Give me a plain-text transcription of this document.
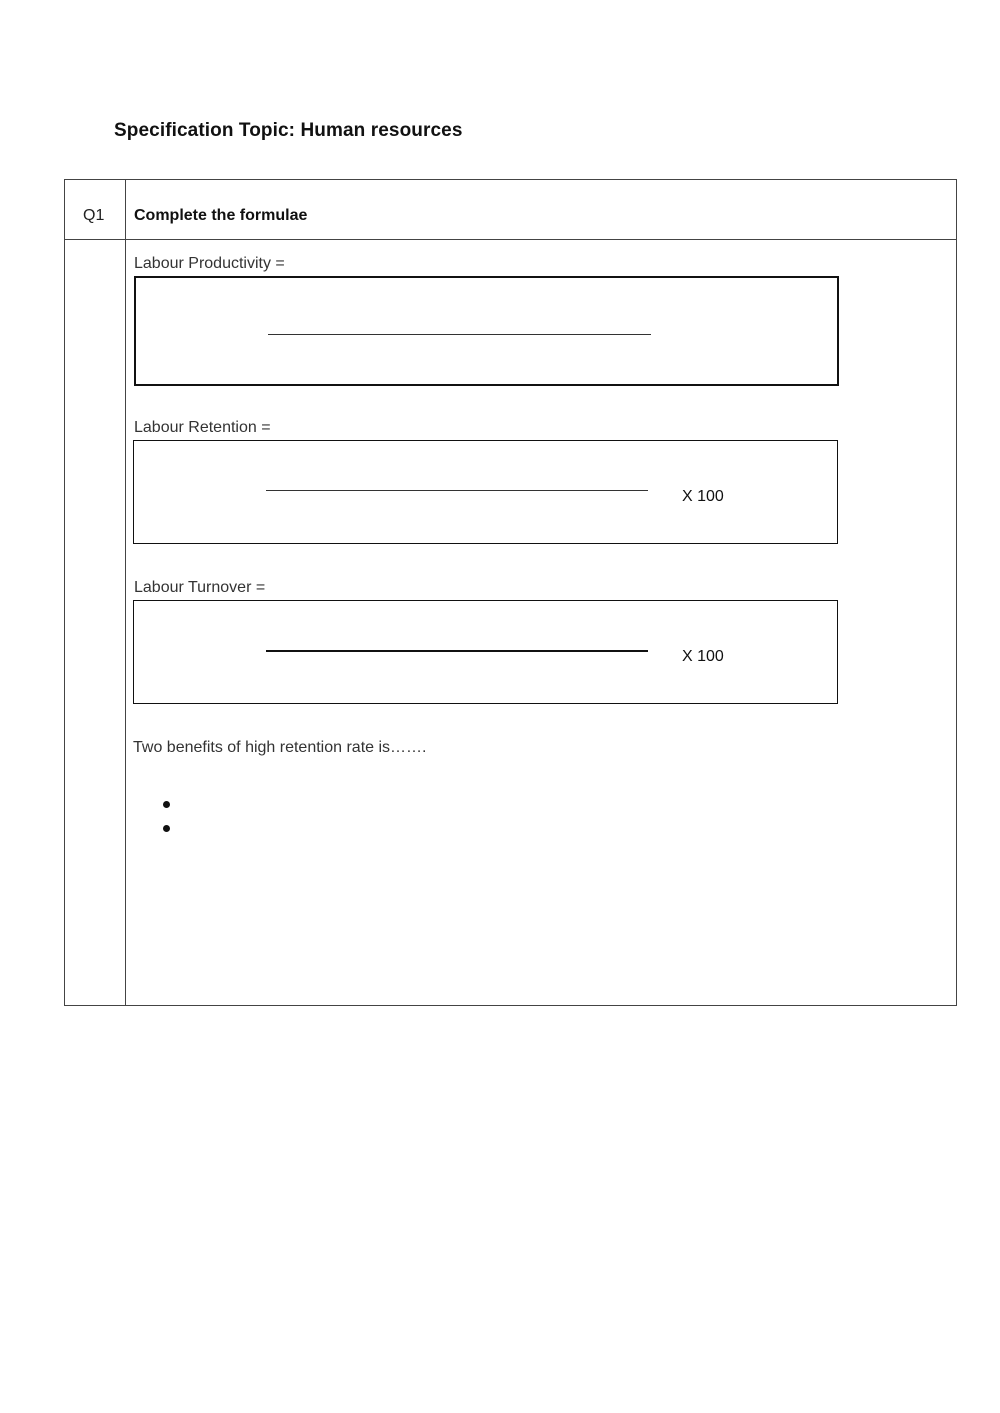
Specification Topic: Human resources
Q1 Complete the formulae
Labour Productivity =
Labour Retention =
X 100
Labour Turnover =
X 100
Two benefits of high retention rate is…….
